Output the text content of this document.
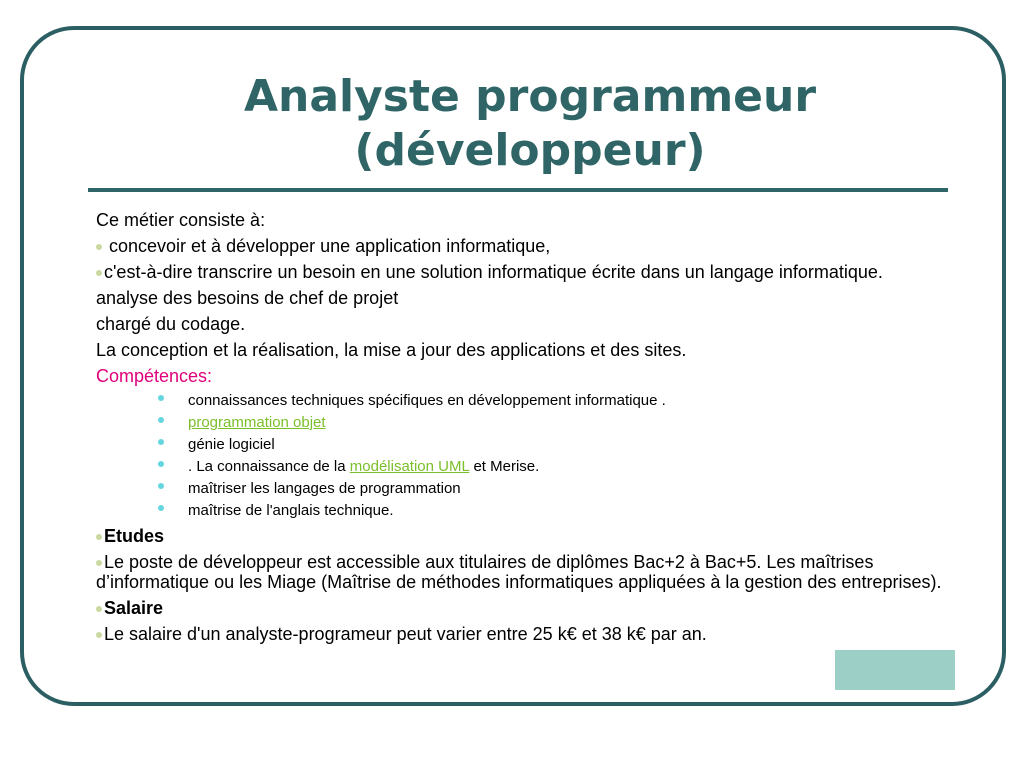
Analyste programmeur
(développeur)

Ce métier consiste à:

concevoir et à développer une application informatique,

c'est-à-dire transcrire un besoin en une solution informatique écrite dans un langage informatique.

analyse des besoins de chef de projet

chargé du codage.

La conception et la réalisation, la mise a jour des applications et des sites.

Compétences:

connaissances techniques spécifiques en développement informatique .
programmation objet
génie logiciel
. La connaissance de la modélisation UML et Merise.
maîtriser les langages de programmation
maîtrise de l'anglais technique.

Etudes

Le poste de développeur est accessible aux titulaires de diplômes Bac+2 à Bac+5. Les maîtrises d’informatique ou les Miage (Maîtrise de méthodes informatiques appliquées à la gestion des entreprises).

Salaire

Le salaire d'un analyste-programeur peut varier entre 25 k€ et 38 k€ par an.
